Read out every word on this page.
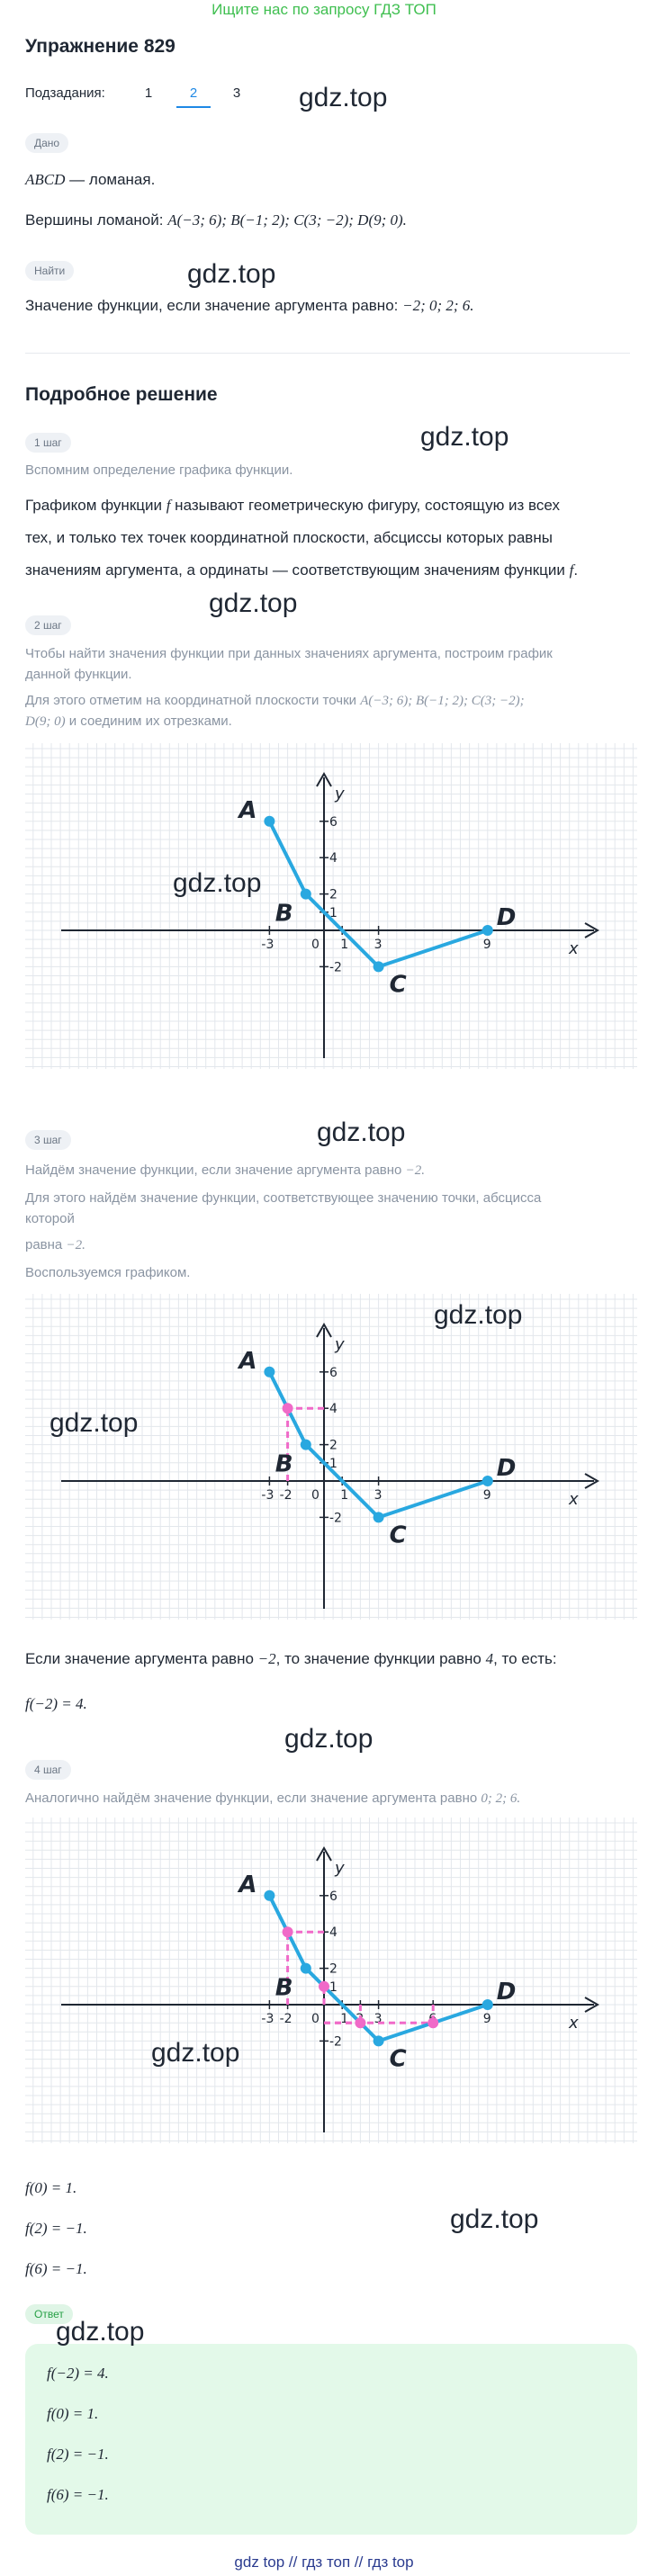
Ищите нас по запросу ГДЗ ТОП
Упражнение 829
Подзадания:	1	2	3	gdz.top
Дано
ABCD — ломаная.
Вершины ломаной: A(−3; 6); B(−1; 2); C(3; −2); D(9; 0).
Найти	gdz.top
Значение функции, если значение аргумента равно: −2; 0; 2; 6.
Подробное решение
1 шаг	gdz.top
Вспомним определение графика функции.
Графиком функции f называют геометрическую фигуру, состоящую из всех
тех, и только тех точек координатной плоскости, абсциссы которых равны
значениям аргумента, а ординаты — соответствующим значениям функции f.
2 шаг
gdz.top
Чтобы найти значения функции при данных значениях аргумента, построим график
данной функции.
Для этого отметим на координатной плоскости точки A(−3; 6); B(−1; 2); C(3; −2);
D(9; 0) и соединим их отрезками.
x
y
-3	0 1 3	9
6
4
2
1
-2
A
B
C
D
gdz.top
3 шаг	gdz.top
Найдём значение функции, если значение аргумента равно −2.
Для этого найдём значение функции, соответствующее значению точки, абсцисса
которой
равна −2.
Воспользуемся графиком.
x
y
-3 -2 0 1 3	9
6
4
2
1
-2
A
B
C
D
gdz.top
gdz.top
Если значение аргумента равно −2, то значение функции равно 4, то есть:
f(−2) = 4.
gdz.top
4 шаг
Аналогично найдём значение функции, если значение аргумента равно 0; 2; 6.
x
y
-3 -2 0 1 3	9
6
4
2
1
-2
A
B
C
D
gdz.top
f(0) = 1.
f(2) = −1.
f(6) = −1.
gdz.top
Ответ
gdz.top
f(−2) = 4.
f(0) = 1.
f(2) = −1.
f(6) = −1.
gdz top // гдз топ // гдз top
